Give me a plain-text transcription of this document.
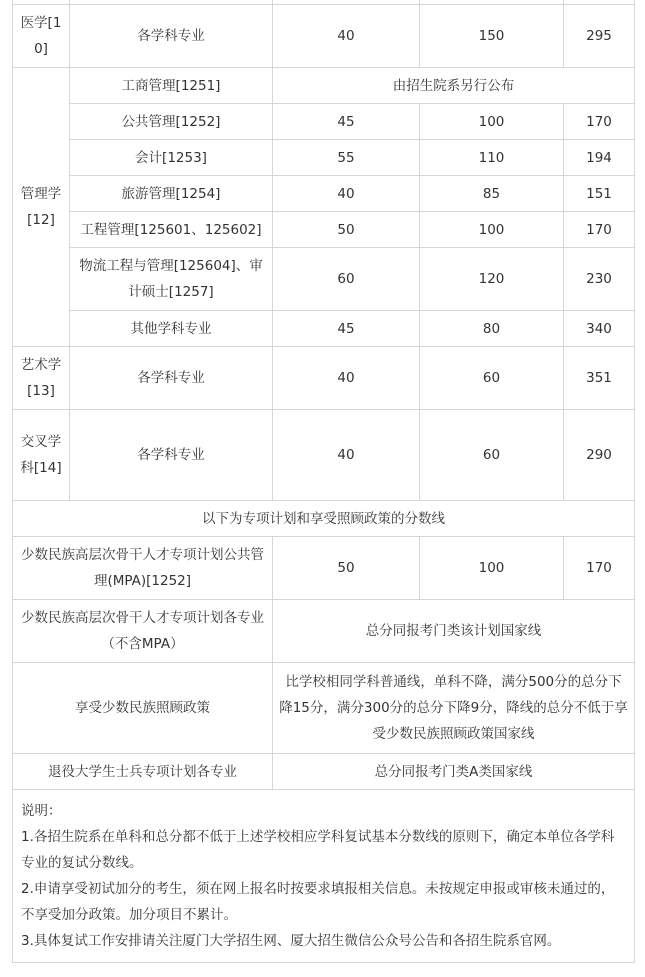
医学[10]	各学科专业	40	150	295
管理学[12]	工商管理[1251]	由招生院系另行公布		
	公共管理[1252]	45	100	170
	会计[1253]	55	110	194
	旅游管理[1254]	40	85	151
	工程管理[125601、125602]	50	100	170
	物流工程与管理[125604]、审计硕士[1257]	60	120	230
	其他学科专业	45	80	340
艺术学[13]	各学科专业	40	60	351
交叉学科[14]	各学科专业	40	60	290
以下为专项计划和享受照顾政策的分数线				
少数民族高层次骨干人才专项计划公共管理(MPA)[1252]		50	100	170
少数民族高层次骨干人才专项计划各专业（不含MPA）		总分同报考门类该计划国家线		
享受少数民族照顾政策		比学校相同学科普通线，单科不降，满分500分的总分下降15分，满分300分的总分下降9分，降线的总分不低于享受少数民族照顾政策国家线		
退役大学生士兵专项计划各专业		总分同报考门类A类国家线		

说明：
1.各招生院系在单科和总分都不低于上述学校相应学科复试基本分数线的原则下，确定本单位各学科专业的复试分数线。
2.申请享受初试加分的考生，须在网上报名时按要求填报相关信息。未按规定申报或审核未通过的，不享受加分政策。加分项目不累计。
3.具体复试工作安排请关注厦门大学招生网、厦大招生微信公众号公告和各招生院系官网。				
